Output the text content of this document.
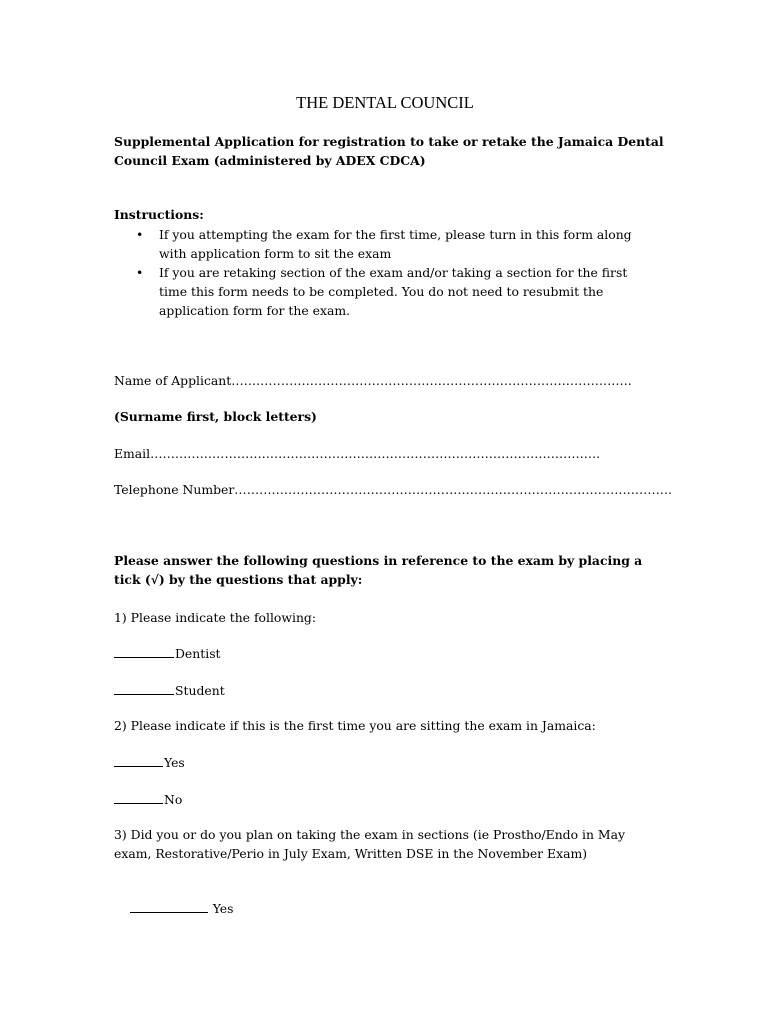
THE DENTAL COUNCIL
Supplemental Application for registration to take or retake the Jamaica Dental
Council Exam (administered by ADEX CDCA)
Instructions:
• If you attempting the exam for the first time, please turn in this form along
with application form to sit the exam
• If you are retaking section of the exam and/or taking a section for the first
time this form needs to be completed. You do not need to resubmit the
application form for the exam.
Name of Applicant…………………………………………………………………………………….
(Surname first, block letters)
Email……………………………………………………………………………………………….
Telephone Number…………………………………………………………………………………………….
Please answer the following questions in reference to the exam by placing a
tick (√) by the questions that apply:
1) Please indicate the following:
Dentist
Student
2) Please indicate if this is the first time you are sitting the exam in Jamaica:
Yes
No
3) Did you or do you plan on taking the exam in sections (ie Prostho/Endo in May
exam, Restorative/Perio in July Exam, Written DSE in the November Exam)

Yes
